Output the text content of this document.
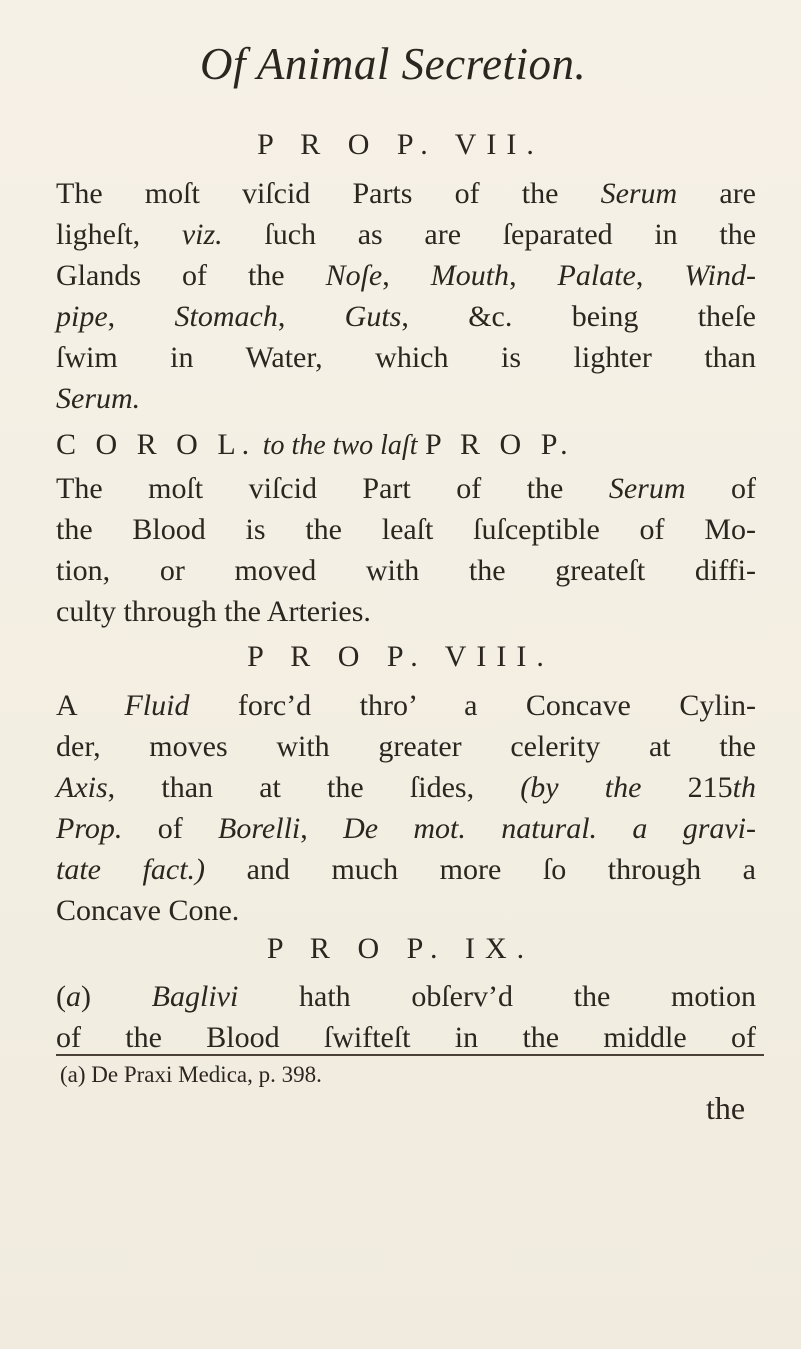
Of Animal Secretion.
P R O P. VII.
The moſt viſcid Parts of the Serum are
ligheſt, viz. ſuch as are ſeparated in the
Glands of the Noſe, Mouth, Palate, Wind-
pipe, Stomach, Guts, &c. being theſe
ſwim in Water, which is lighter than
Serum.
C O R O L. to the two laſt P R O P.
The moſt viſcid Part of the Serum of
the Blood is the leaſt ſuſceptible of Mo-
tion, or moved with the greateſt diffi-
culty through the Arteries.
P R O P. VIII.
A Fluid forc’d thro’ a Concave Cylin-
der, moves with greater celerity at the
Axis, than at the ſides, (by the 215th
Prop. of Borelli, De mot. natural. a gravi-
tate fact.) and much more ſo through a
Concave Cone.
P R O P. IX.
(a) Baglivi hath obſerv’d the motion
of the Blood ſwifteſt in the middle of
(a) De Praxi Medica, p. 398.
the
